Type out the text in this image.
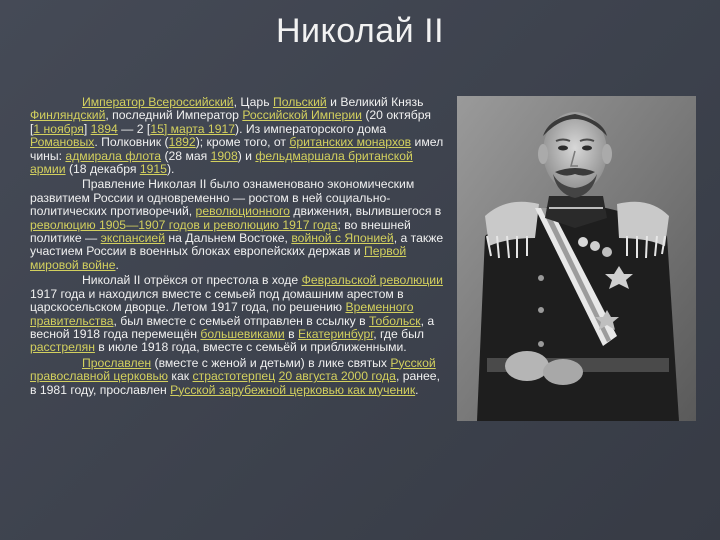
Николай II

Император Всероссийский, Царь Польский и Великий Князь Финляндский, последний Император Российской Империи (20 октября [1 ноября] 1894 — 2 [15] марта 1917). Из императорского дома Романовых. Полковник (1892); кроме того, от британских монархов имел чины: адмирала флота (28 мая 1908) и фельдмаршала британской армии (18 декабря 1915).

Правление Николая II было ознаменовано экономическим развитием России и одновременно — ростом в ней социально-политических противоречий, революционного движения, вылившегося в революцию 1905—1907 годов и революцию 1917 года; во внешней политике — экспансией на Дальнем Востоке, войной с Японией, а также участием России в военных блоках европейских держав и Первой мировой войне.

Николай II отрёкся от престола в ходе Февральской революции 1917 года и находился вместе с семьей под домашним арестом в царскосельском дворце. Летом 1917 года, по решению Временного правительства, был вместе с семьей отправлен в ссылку в Тобольск, а весной 1918 года перемещён большевиками в Екатеринбург, где был расстрелян в июле 1918 года, вместе с семьёй и приближенными.

Прославлен (вместе с женой и детьми) в лике святых Русской православной церковью как страстотерпец 20 августа 2000 года, ранее, в 1981 году, прославлен Русской зарубежной церковью как мученик.
